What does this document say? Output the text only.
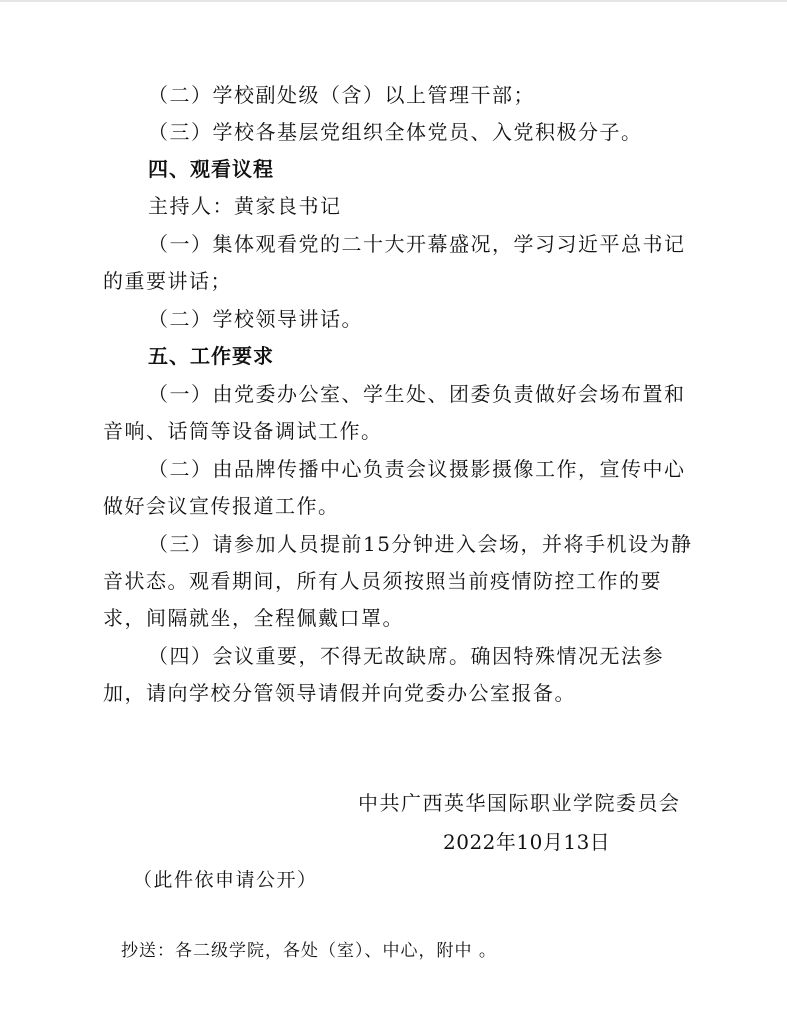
（二）学校副处级（含）以上管理干部；
（三）学校各基层党组织全体党员、入党积极分子。
四、观看议程
主持人：黄家良书记
（一）集体观看党的二十大开幕盛况，学习习近平总书记的重要讲话；
（二）学校领导讲话。
五、工作要求
（一）由党委办公室、学生处、团委负责做好会场布置和音响、话筒等设备调试工作。
（二）由品牌传播中心负责会议摄影摄像工作，宣传中心做好会议宣传报道工作。
（三）请参加人员提前15分钟进入会场，并将手机设为静音状态。观看期间，所有人员须按照当前疫情防控工作的要求，间隔就坐，全程佩戴口罩。
（四）会议重要，不得无故缺席。确因特殊情况无法参加，请向学校分管领导请假并向党委办公室报备。
中共广西英华国际职业学院委员会
2022年10月13日
（此件依申请公开）
抄送：各二级学院，各处（室）、中心，附中 。
